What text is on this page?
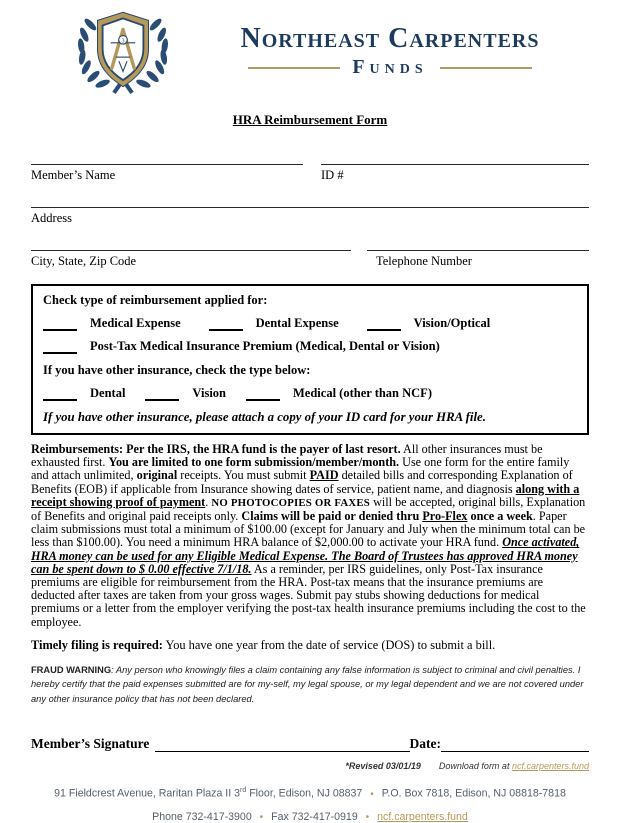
3	Northeast Carpenters
Funds
HRA Reimbursement Form
Member’s Name	ID #
Address
City, State, Zip Code	Telephone Number
Check type of reimbursement applied for:
Medical Expense	Dental Expense	Vision/Optical
Post-Tax Medical Insurance Premium (Medical, Dental or Vision)
If you have other insurance, check the type below:
Dental	Vision	Medical (other than NCF)
If you have other insurance, please attach a copy of your ID card for your HRA file.

Reimbursements: Per the IRS, the HRA fund is the payer of last resort. All other insurances must be exhausted first. You are limited to one form submission/member/month. Use one form for the entire family and attach unlimited, original receipts. You must submit PAID detailed bills and corresponding Explanation of Benefits (EOB) if applicable from Insurance showing dates of service, patient name, and diagnosis along with a receipt showing proof of payment. NO PHOTOCOPIES OR FAXES will be accepted, original bills, Explanation of Benefits and original paid receipts only. Claims will be paid or denied thru Pro-Flex once a week. Paper claim submissions must total a minimum of $100.00 (except for January and July when the minimum total can be less than $100.00). You need a minimum HRA balance of $2,000.00 to activate your HRA fund. Once activated, HRA money can be used for any Eligible Medical Expense. The Board of Trustees has approved HRA money can be spent down to $ 0.00 effective 7/1/18. As a reminder, per IRS guidelines, only Post-Tax insurance premiums are eligible for reimbursement from the HRA. Post-tax means that the insurance premiums are deducted after taxes are taken from your gross wages. Submit pay stubs showing deductions for medical premiums or a letter from the employer verifying the post-tax health insurance premiums including the cost to the employee.

Timely filing is required: You have one year from the date of service (DOS) to submit a bill.

FRAUD WARNING: Any person who knowingly files a claim containing any false information is subject to criminal and civil penalties. I hereby certify that the paid expenses submitted are for my-self, my legal spouse, or my legal dependent and we are not covered under any other insurance policy that has not been declared.

Member’s Signature	Date:
*Revised 03/01/19 Download form at ncf.carpenters.fund
91 Fieldcrest Avenue, Raritan Plaza II 3rd Floor, Edison, NJ 08837 • P.O. Box 7818, Edison, NJ 08818-7818
Phone 732-417-3900 • Fax 732-417-0919 • ncf.carpenters.fund
